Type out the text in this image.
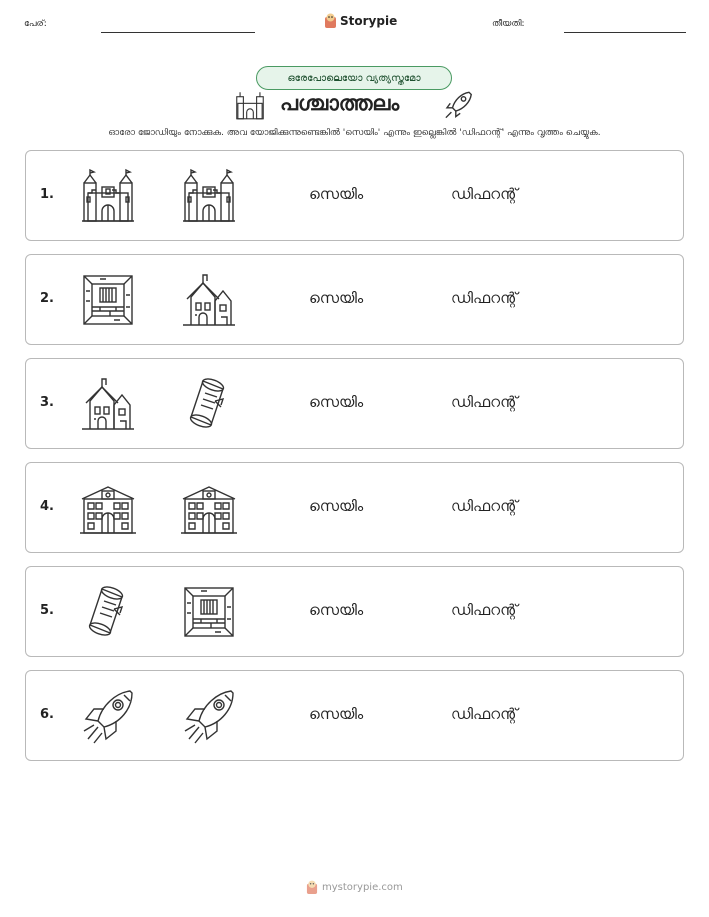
പേര്:	Storypie	തീയതി:
ഒരേപോലെയോ വ്യത്യസ്തമോ
പശ്ചാത്തലം
ഓരോ ജോഡിയും നോക്കുക. അവ യോജിക്കുന്നുണ്ടെങ്കിൽ 'സെയിം' എന്നും ഇല്ലെങ്കിൽ 'ഡിഫറന്റ്' എന്നും വൃത്തം ചെയ്യുക.
1.	സെയിം	ഡിഫറന്റ്
2.	സെയിം	ഡിഫറന്റ്
3.	സെയിം	ഡിഫറന്റ്
4.	സെയിം	ഡിഫറന്റ്
5.	സെയിം	ഡിഫറന്റ്
6.	സെയിം	ഡിഫറന്റ്
mystorypie.com
